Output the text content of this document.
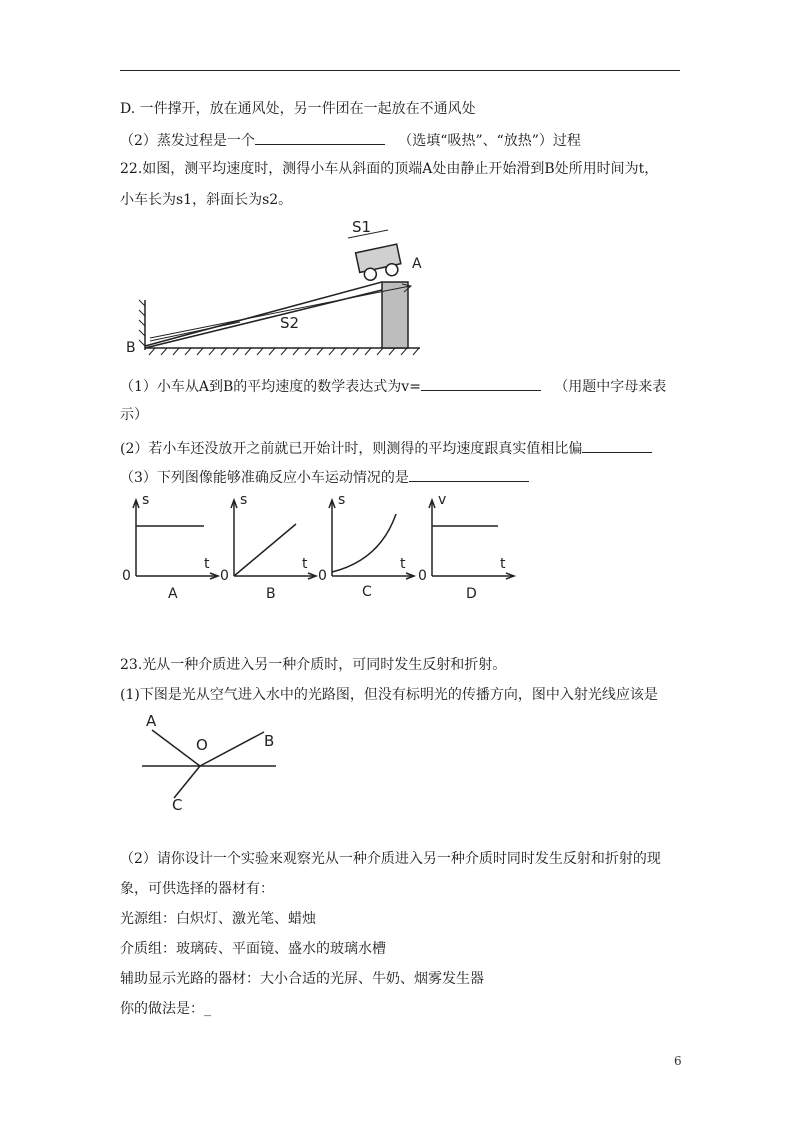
D. 一件撑开，放在通风处，另一件团在一起放在不通风处
（2）蒸发过程是一个	（选填“吸热”、“放热”）过程
22.如图，测平均速度时，测得小车从斜面的顶端A处由静止开始滑到B处所用时间为t，
小车长为s1，斜面长为s2。
S1
A
S2
B
（1）小车从A到B的平均速度的数学表达式为v=	（用题中字母来表
示）
(2）若小车还没放开之前就已开始计时，则测得的平均速度跟真实值相比偏
（3）下列图像能够准确反应小车运动情况的是
s
t
0
A
s
t
0
B
s
t
0
C
v
t
0
D
23.光从一种介质进入另一种介质时，可同时发生反射和折射。
(1)下图是光从空气进入水中的光路图，但没有标明光的传播方向，图中入射光线应该是
A
O	B
C
（2）请你设计一个实验来观察光从一种介质进入另一种介质时同时发生反射和折射的现
象，可供选择的器材有：
光源组：白炽灯、激光笔、蜡烛
介质组：玻璃砖、平面镜、盛水的玻璃水槽
辅助显示光路的器材：大小合适的光屏、牛奶、烟雾发生器
你的做法是：_
6
